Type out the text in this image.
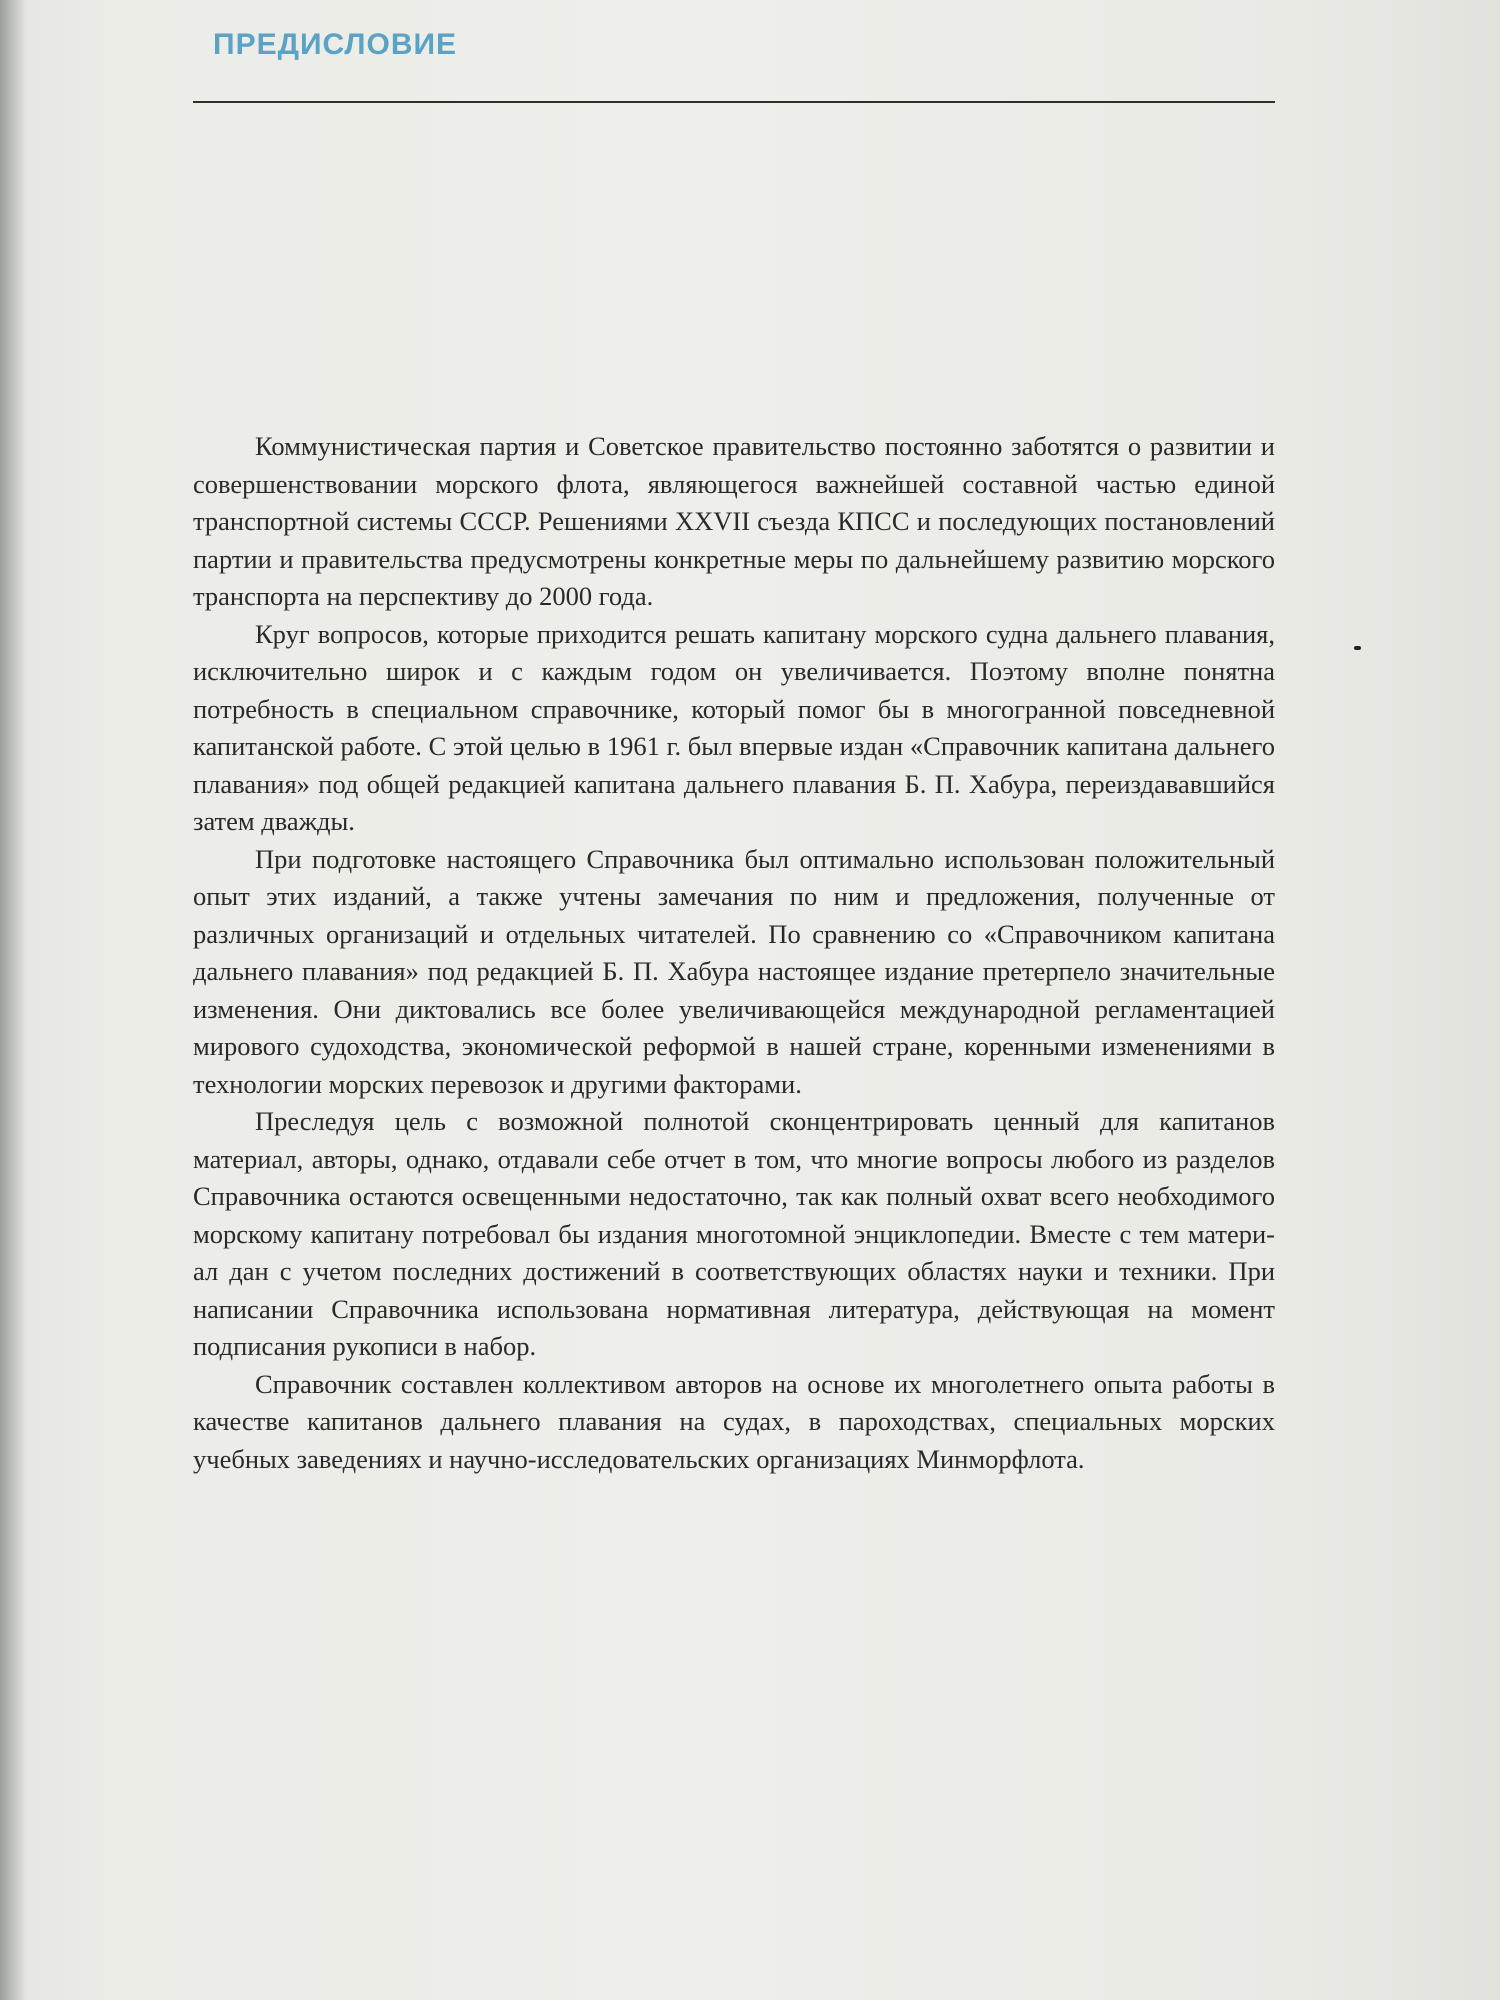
ПРЕДИСЛОВИЕ

Коммунистическая партия и Советское правительство постоянно заботятся о развитии и совершенствовании морского флота, являющегося важнейшей составной частью единой транспортной системы СССР. Решениями XXVII съезда КПСС и последующих постановлений партии и правительства предусмотрены конкретные меры по дальнейшему развитию морского транспорта на перспективу до 2000 года.

Круг вопросов, которые приходится решать капитану морского судна дальнего плавания, исключительно широк и с каждым годом он увеличивается. Поэтому вполне понятна потребность в специальном справочнике, который помог бы в многогранной повседневной капитанской работе. С этой целью в 1961 г. был впервые издан «Справочник капитана дальнего плавания» под общей редакцией капитана дальнего плавания Б. П. Хабура, переиздававшийся затем дважды.

При подготовке настоящего Справочника был оптимально использован положительный опыт этих изданий, а также учтены замечания по ним и предложения, полученные от различных организаций и отдельных читателей. По сравнению со «Справочником капитана дальнего плавания» под редакцией Б. П. Хабура настоящее издание претерпело значительные изменения. Они диктовались все более увеличивающейся международной регламентацией мирового судоходства, экономической реформой в нашей стране, коренными изменениями в технологии морских перевозок и другими факторами.

Преследуя цель с возможной полнотой сконцентрировать ценный для капитанов материал, авторы, однако, отдавали себе отчет в том, что многие вопросы любого из разделов Справочника остаются освещенными недостаточно, так как полный охват всего необходимого морскому капитану потребовал бы издания многотомной энциклопедии. Вместе с тем материал дан с учетом последних достижений в соответствующих областях науки и техники. При написании Справочника использована нормативная литература, действующая на момент подписания рукописи в набор.

Справочник составлен коллективом авторов на основе их многолетнего опыта работы в качестве капитанов дальнего плавания на судах, в пароходствах, специальных морских учебных заведениях и научно-исследовательских организациях Минморфлота.
